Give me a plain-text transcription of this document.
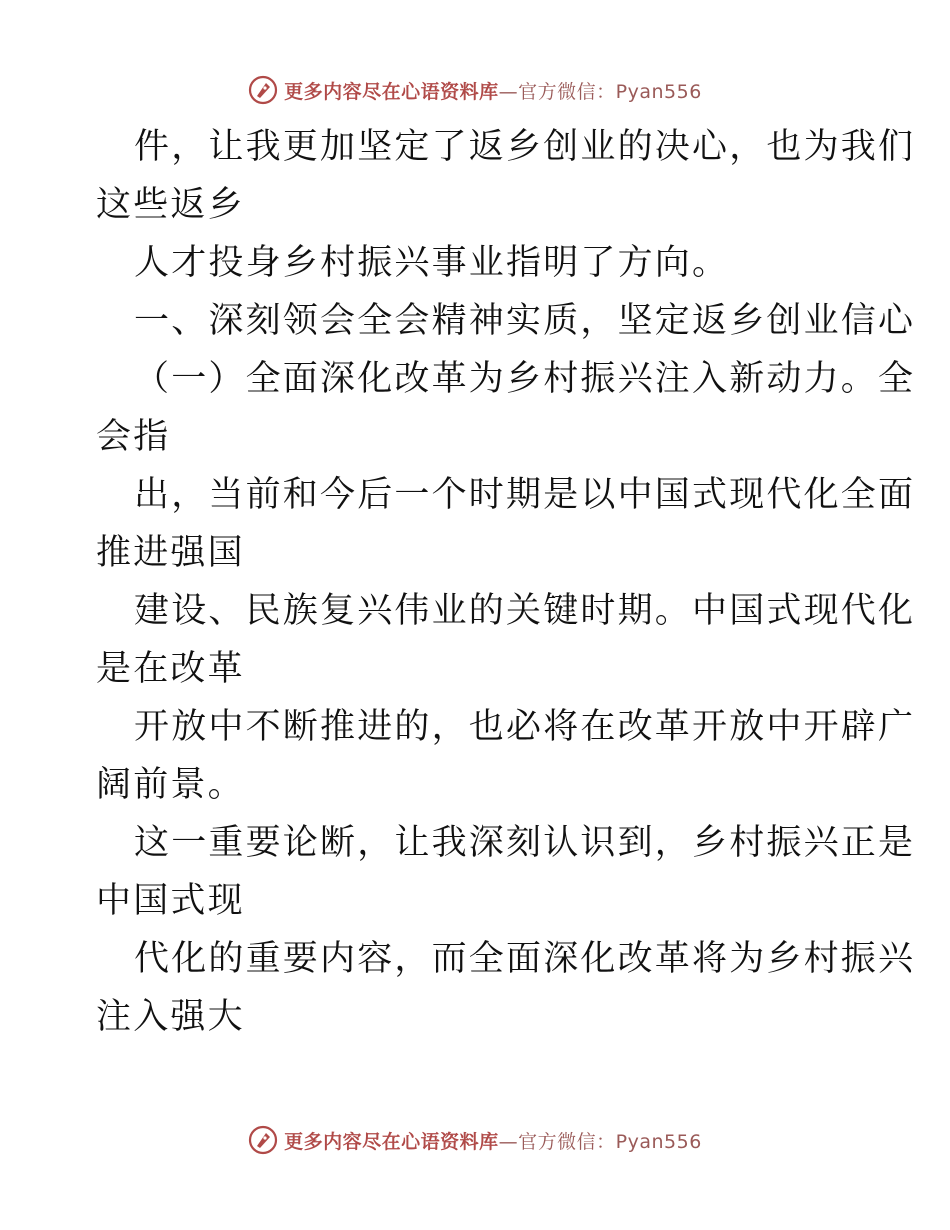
更多内容尽在心语资料库—官方微信：Pyan556
件，让我更加坚定了返乡创业的决心，也为我们
这些返乡
人才投身乡村振兴事业指明了方向。
一、深刻领会全会精神实质，坚定返乡创业信心
（一）全面深化改革为乡村振兴注入新动力。全
会指
出，当前和今后一个时期是以中国式现代化全面
推进强国
建设、民族复兴伟业的关键时期。中国式现代化
是在改革
开放中不断推进的，也必将在改革开放中开辟广
阔前景。
这一重要论断，让我深刻认识到，乡村振兴正是
中国式现
代化的重要内容，而全面深化改革将为乡村振兴
注入强大
更多内容尽在心语资料库—官方微信：Pyan556
